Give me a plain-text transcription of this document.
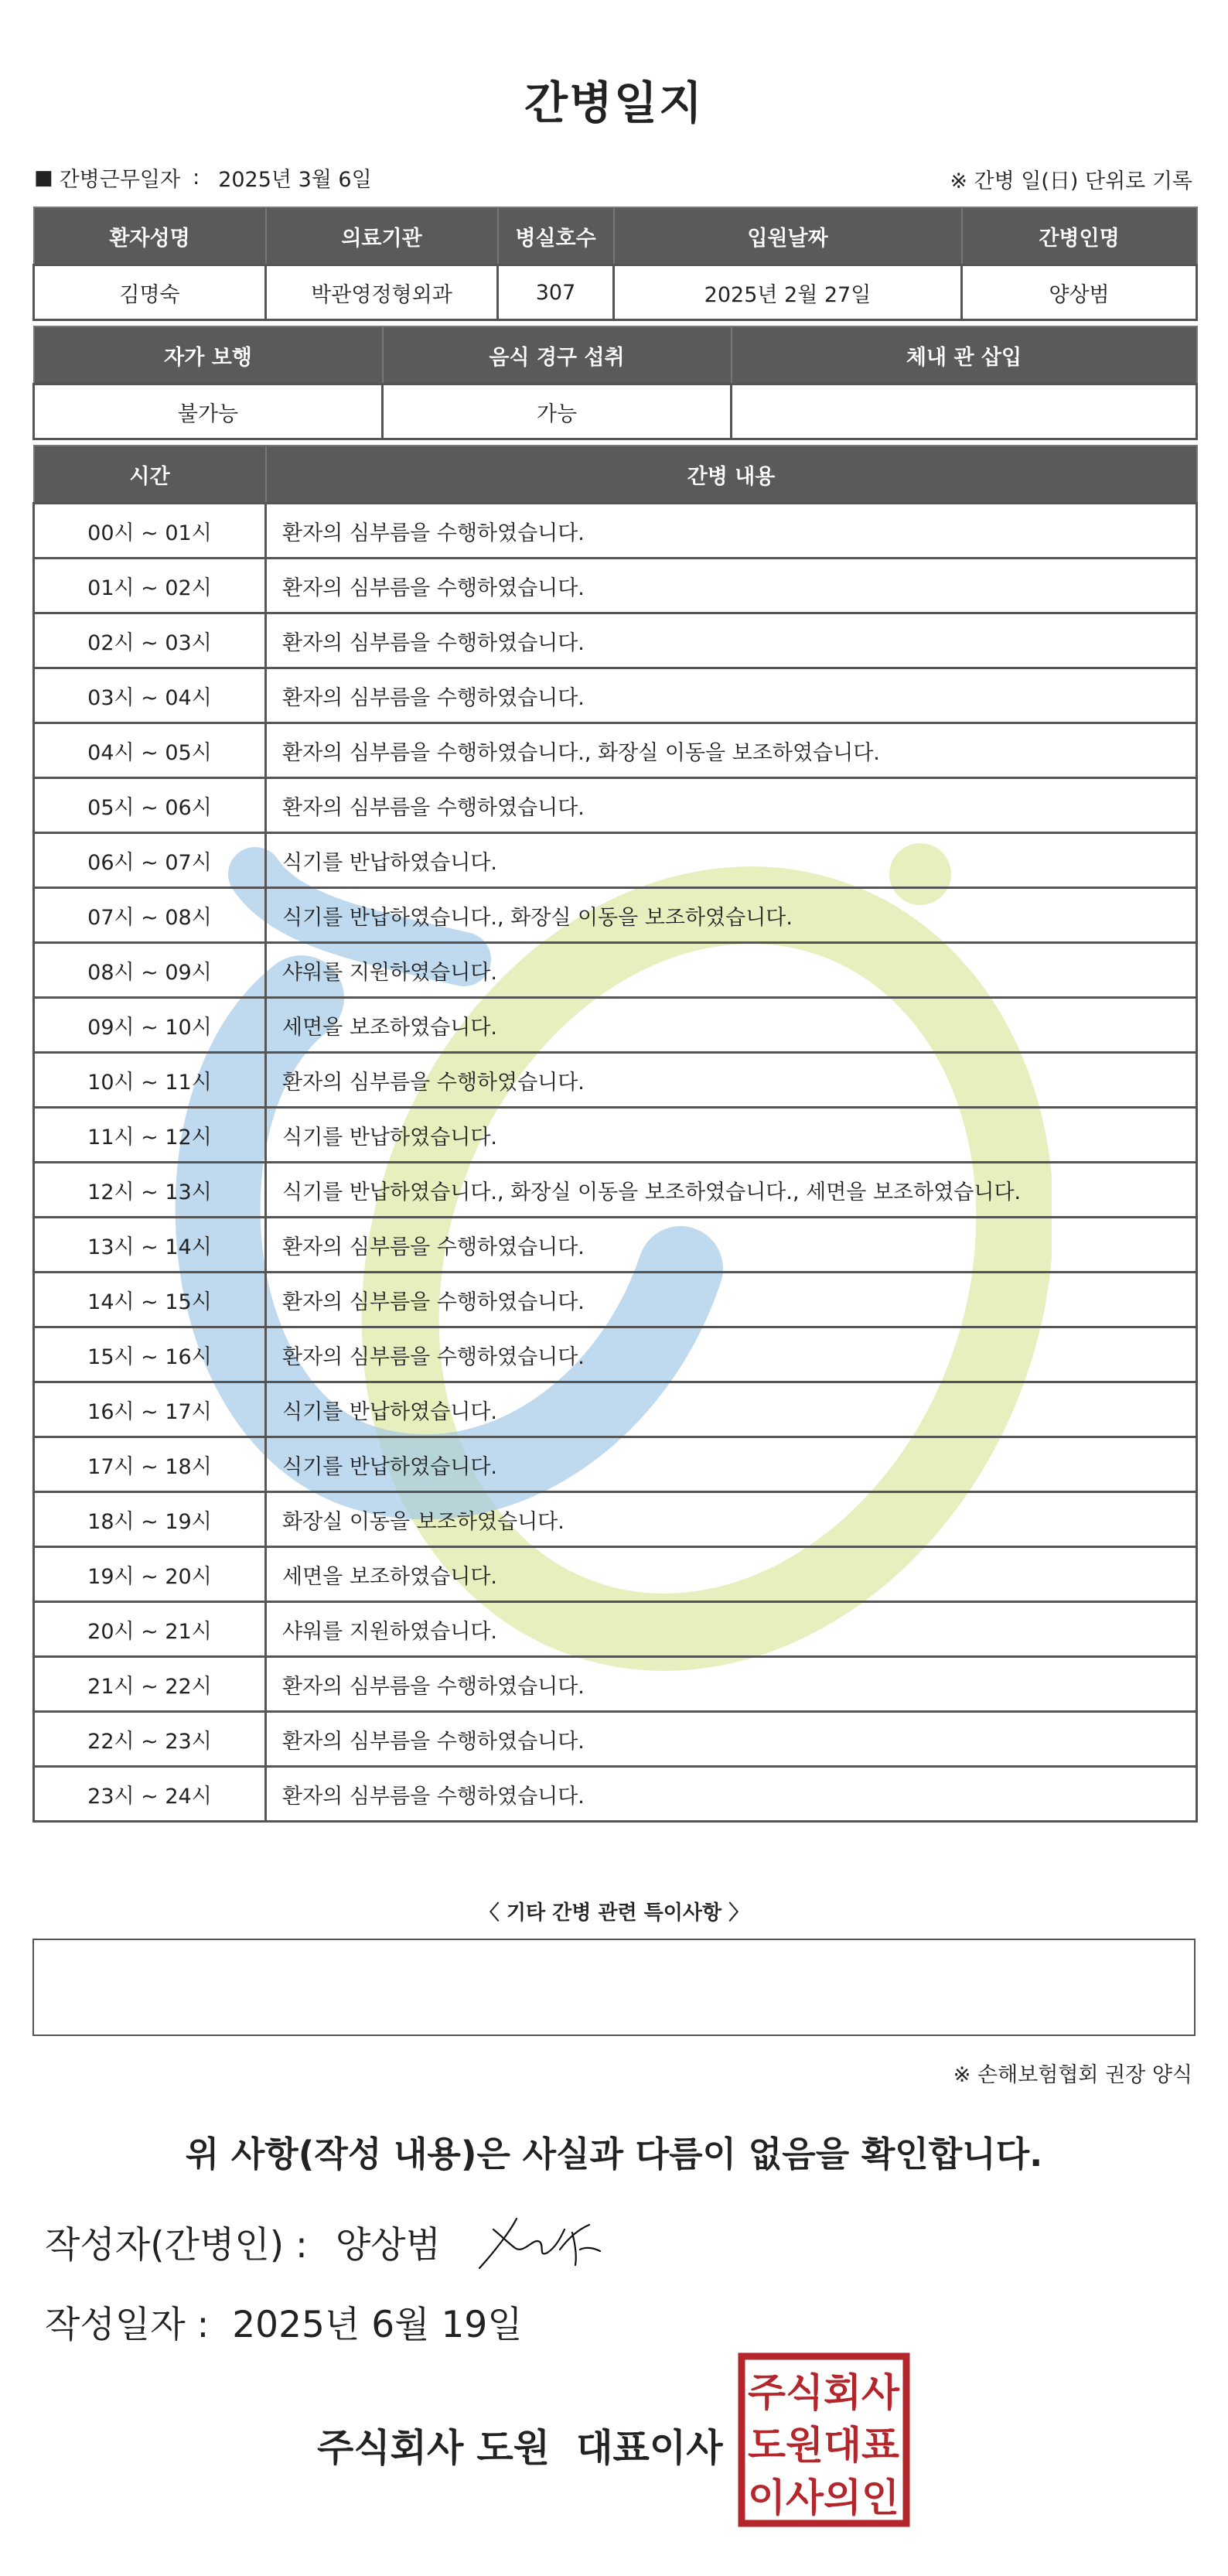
간병일지
■ 간병근무일자 : 2025년 3월 6일	※ 간병 일(日) 단위로 기록
환자성명	의료기관	병실호수	입원날짜	간병인명
김명숙	박관영정형외과	307	2025년 2월 27일	양상범
자가 보행	음식 경구 섭취	체내 관 삽입
불가능	가능	
시간	간병 내용
00시 ~ 01시	환자의 심부름을 수행하였습니다.
01시 ~ 02시	환자의 심부름을 수행하였습니다.
02시 ~ 03시	환자의 심부름을 수행하였습니다.
03시 ~ 04시	환자의 심부름을 수행하였습니다.
04시 ~ 05시	환자의 심부름을 수행하였습니다., 화장실 이동을 보조하였습니다.
05시 ~ 06시	환자의 심부름을 수행하였습니다.
06시 ~ 07시	식기를 반납하였습니다.
07시 ~ 08시	식기를 반납하였습니다., 화장실 이동을 보조하였습니다.
08시 ~ 09시	샤워를 지원하였습니다.
09시 ~ 10시	세면을 보조하였습니다.
10시 ~ 11시	환자의 심부름을 수행하였습니다.
11시 ~ 12시	식기를 반납하였습니다.
12시 ~ 13시	식기를 반납하였습니다., 화장실 이동을 보조하였습니다., 세면을 보조하였습니다.
13시 ~ 14시	환자의 심부름을 수행하였습니다.
14시 ~ 15시	환자의 심부름을 수행하였습니다.
15시 ~ 16시	환자의 심부름을 수행하였습니다.
16시 ~ 17시	식기를 반납하였습니다.
17시 ~ 18시	식기를 반납하였습니다.
18시 ~ 19시	화장실 이동을 보조하였습니다.
19시 ~ 20시	세면을 보조하였습니다.
20시 ~ 21시	샤워를 지원하였습니다.
21시 ~ 22시	환자의 심부름을 수행하였습니다.
22시 ~ 23시	환자의 심부름을 수행하였습니다.
23시 ~ 24시	환자의 심부름을 수행하였습니다.
〈 기타 간병 관련 특이사항 〉
※ 손해보험협회 권장 양식
위 사항(작성 내용)은 사실과 다름이 없음을 확인합니다.
작성자(간병인) : 양상범
작성일자 : 2025년 6월 19일
주식회사 도원 대표이사
주식회사
도원대표
이사의인
